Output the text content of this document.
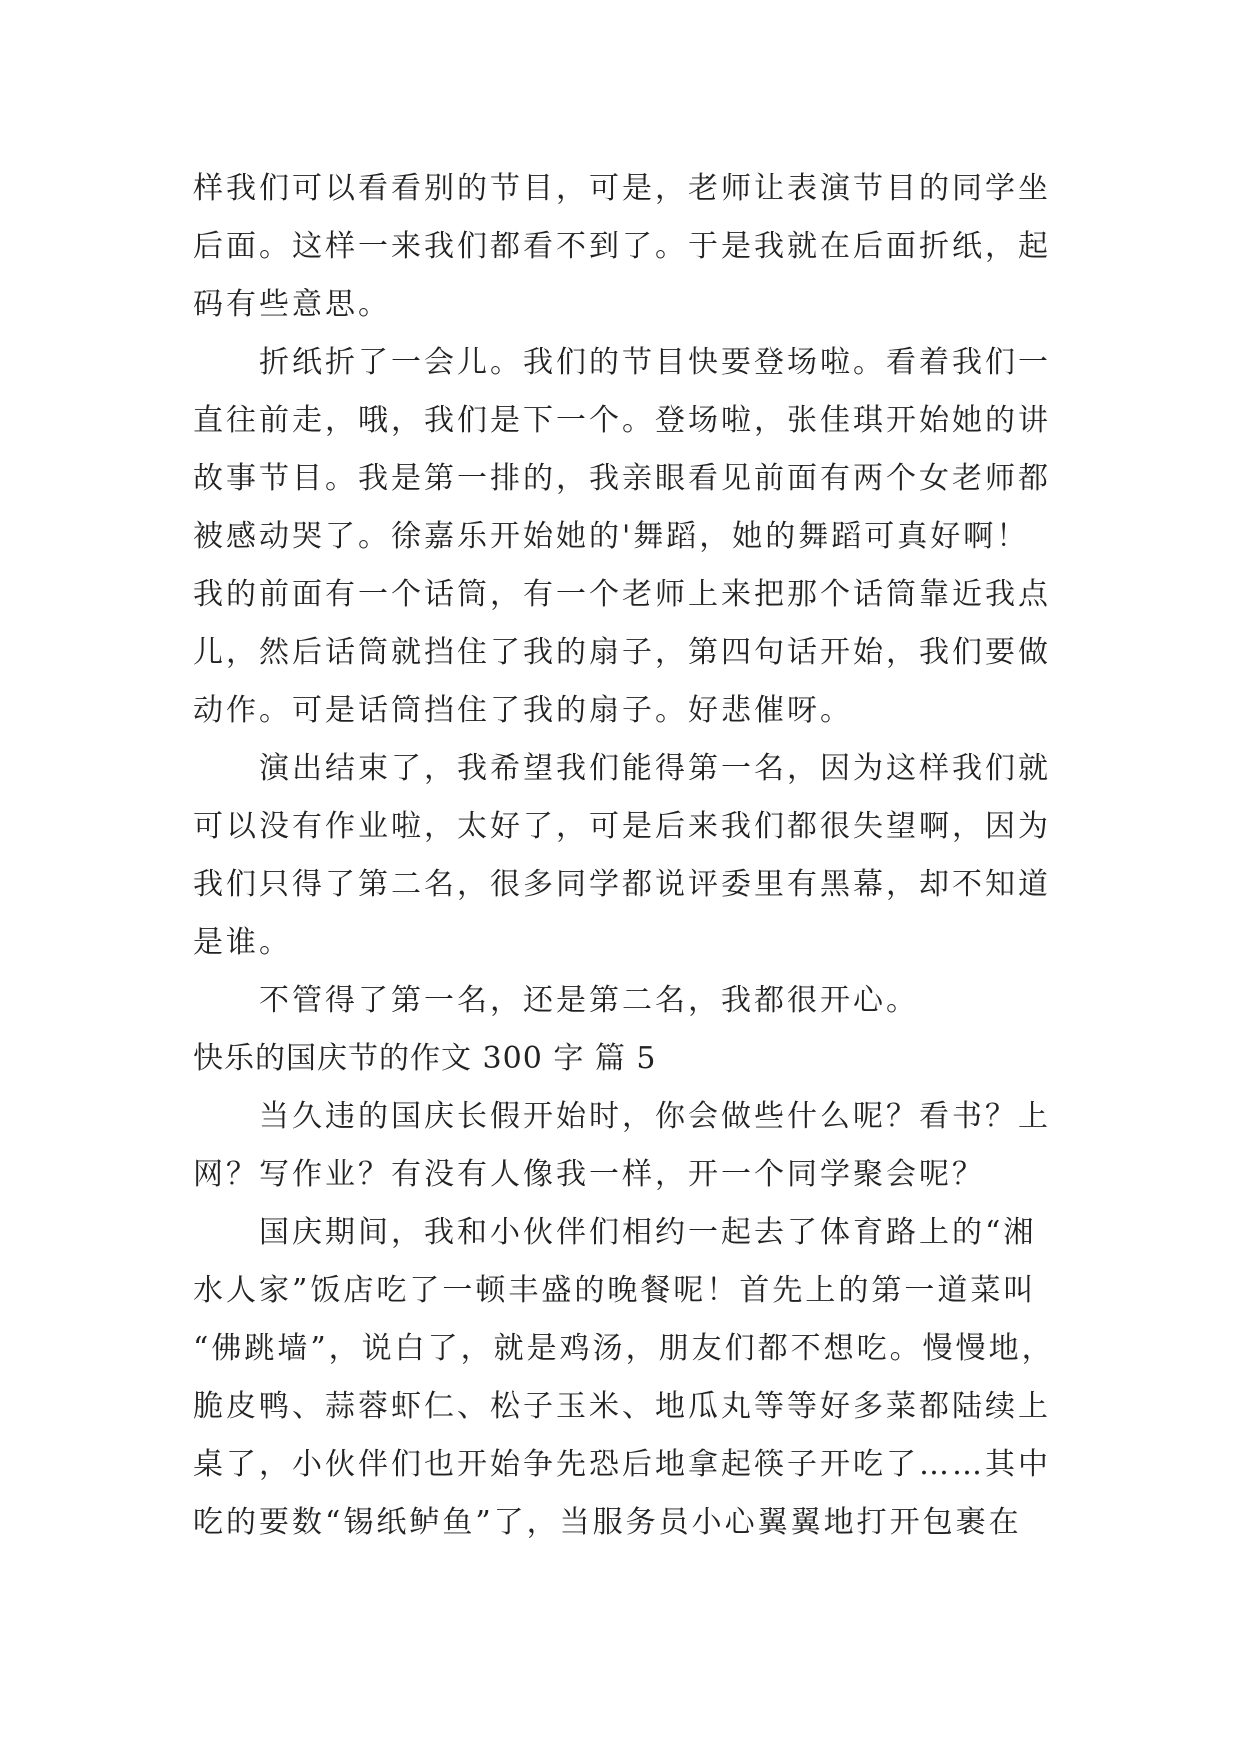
样我们可以看看别的节目，可是，老师让表演节目的同学坐
后面。这样一来我们都看不到了。于是我就在后面折纸，起
码有些意思。
折纸折了一会儿。我们的节目快要登场啦。看着我们一
直往前走，哦，我们是下一个。登场啦，张佳琪开始她的讲
故事节目。我是第一排的，我亲眼看见前面有两个女老师都
被感动哭了。徐嘉乐开始她的'舞蹈，她的舞蹈可真好啊！
我的前面有一个话筒，有一个老师上来把那个话筒靠近我点
儿，然后话筒就挡住了我的扇子，第四句话开始，我们要做
动作。可是话筒挡住了我的扇子。好悲催呀。
演出结束了，我希望我们能得第一名，因为这样我们就
可以没有作业啦，太好了，可是后来我们都很失望啊，因为
我们只得了第二名，很多同学都说评委里有黑幕，却不知道
是谁。
不管得了第一名，还是第二名，我都很开心。
快乐的国庆节的作文 300 字 篇 5
当久违的国庆长假开始时，你会做些什么呢？看书？上
网？写作业？有没有人像我一样，开一个同学聚会呢？
国庆期间，我和小伙伴们相约一起去了体育路上的“湘
水人家”饭店吃了一顿丰盛的晚餐呢！首先上的第一道菜叫
“佛跳墙”，说白了，就是鸡汤，朋友们都不想吃。慢慢地，
脆皮鸭、蒜蓉虾仁、松子玉米、地瓜丸等等好多菜都陆续上
桌了，小伙伴们也开始争先恐后地拿起筷子开吃了……其中
吃的要数“锡纸鲈鱼”了，当服务员小心翼翼地打开包裹在
